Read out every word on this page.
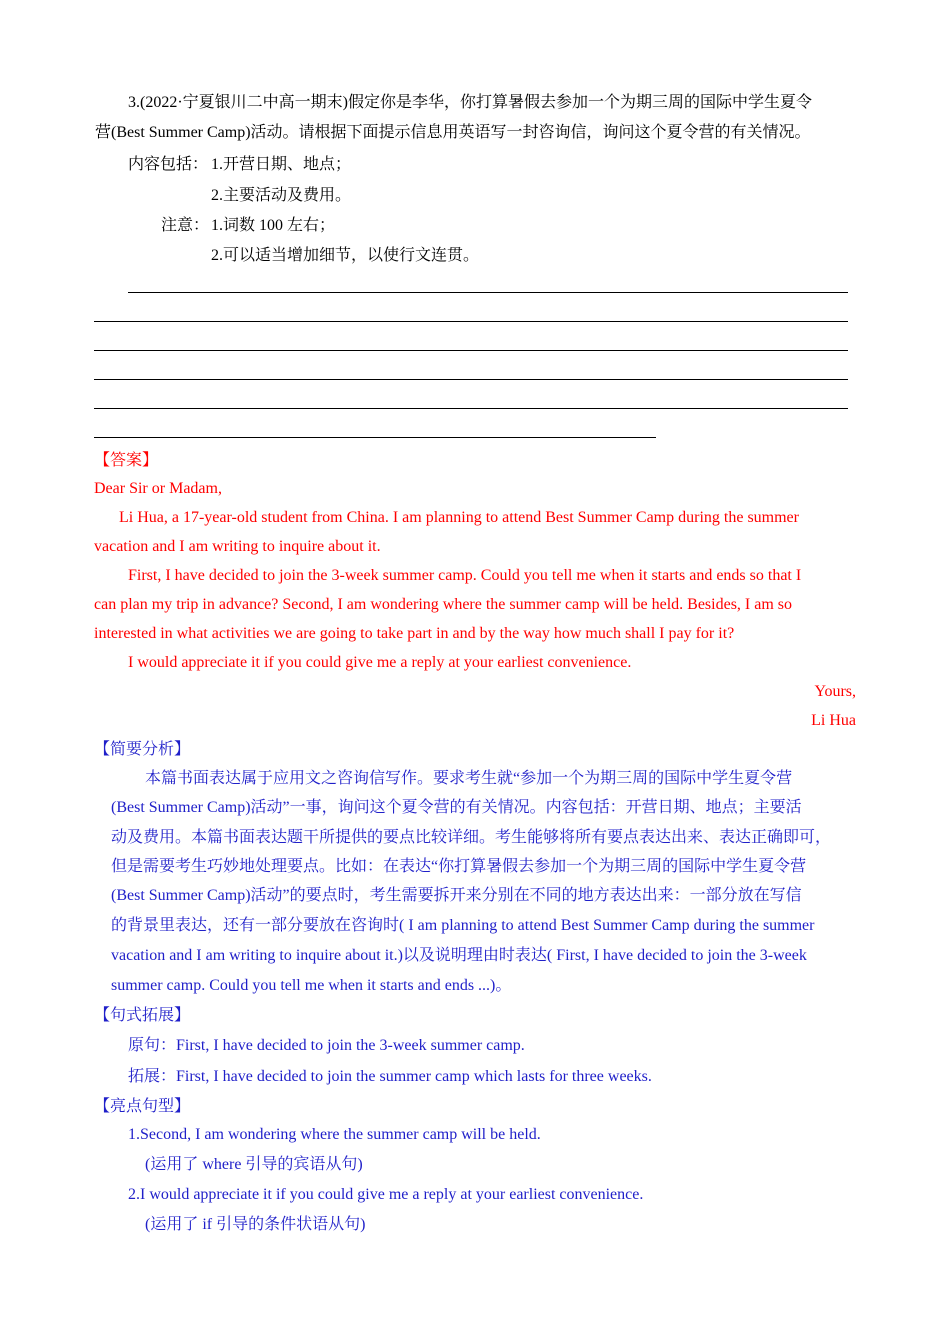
3.(2022·宁夏银川二中高一期末)假定你是李华，你打算暑假去参加一个为期三周的国际中学生夏令
营(Best Summer Camp)活动。请根据下面提示信息用英语写一封咨询信，询问这个夏令营的有关情况。
内容包括： 1.开营日期、地点；
2.主要活动及费用。
注意： 1.词数 100 左右；
2.可以适当增加细节，以使行文连贯。
【答案】
Dear Sir or Madam,
Li Hua, a 17-year-old student from China. I am planning to attend Best Summer Camp during the summer
vacation and I am writing to inquire about it.
First, I have decided to join the 3-week summer camp. Could you tell me when it starts and ends so that I
can plan my trip in advance? Second, I am wondering where the summer camp will be held. Besides, I am so
interested in what activities we are going to take part in and by the way how much shall I pay for it?
I would appreciate it if you could give me a reply at your earliest convenience.
Yours,
Li Hua
【简要分析】
本篇书面表达属于应用文之咨询信写作。要求考生就“参加一个为期三周的国际中学生夏令营
(Best Summer Camp)活动”一事，询问这个夏令营的有关情况。内容包括：开营日期、地点；主要活
动及费用。本篇书面表达题干所提供的要点比较详细。考生能够将所有要点表达出来、表达正确即可，
但是需要考生巧妙地处理要点。比如：在表达“你打算暑假去参加一个为期三周的国际中学生夏令营
(Best Summer Camp)活动”的要点时，考生需要拆开来分别在不同的地方表达出来：一部分放在写信
的背景里表达，还有一部分要放在咨询时( I am planning to attend Best Summer Camp during the summer
vacation and I am writing to inquire about it.)以及说明理由时表达( First, I have decided to join the 3-week
summer camp. Could you tell me when it starts and ends ...)。
【句式拓展】
原句：First, I have decided to join the 3-week summer camp.
拓展：First, I have decided to join the summer camp which lasts for three weeks.
【亮点句型】
1.Second, I am wondering where the summer camp will be held.
(运用了 where 引导的宾语从句)
2.I would appreciate it if you could give me a reply at your earliest convenience.
(运用了 if 引导的条件状语从句)
